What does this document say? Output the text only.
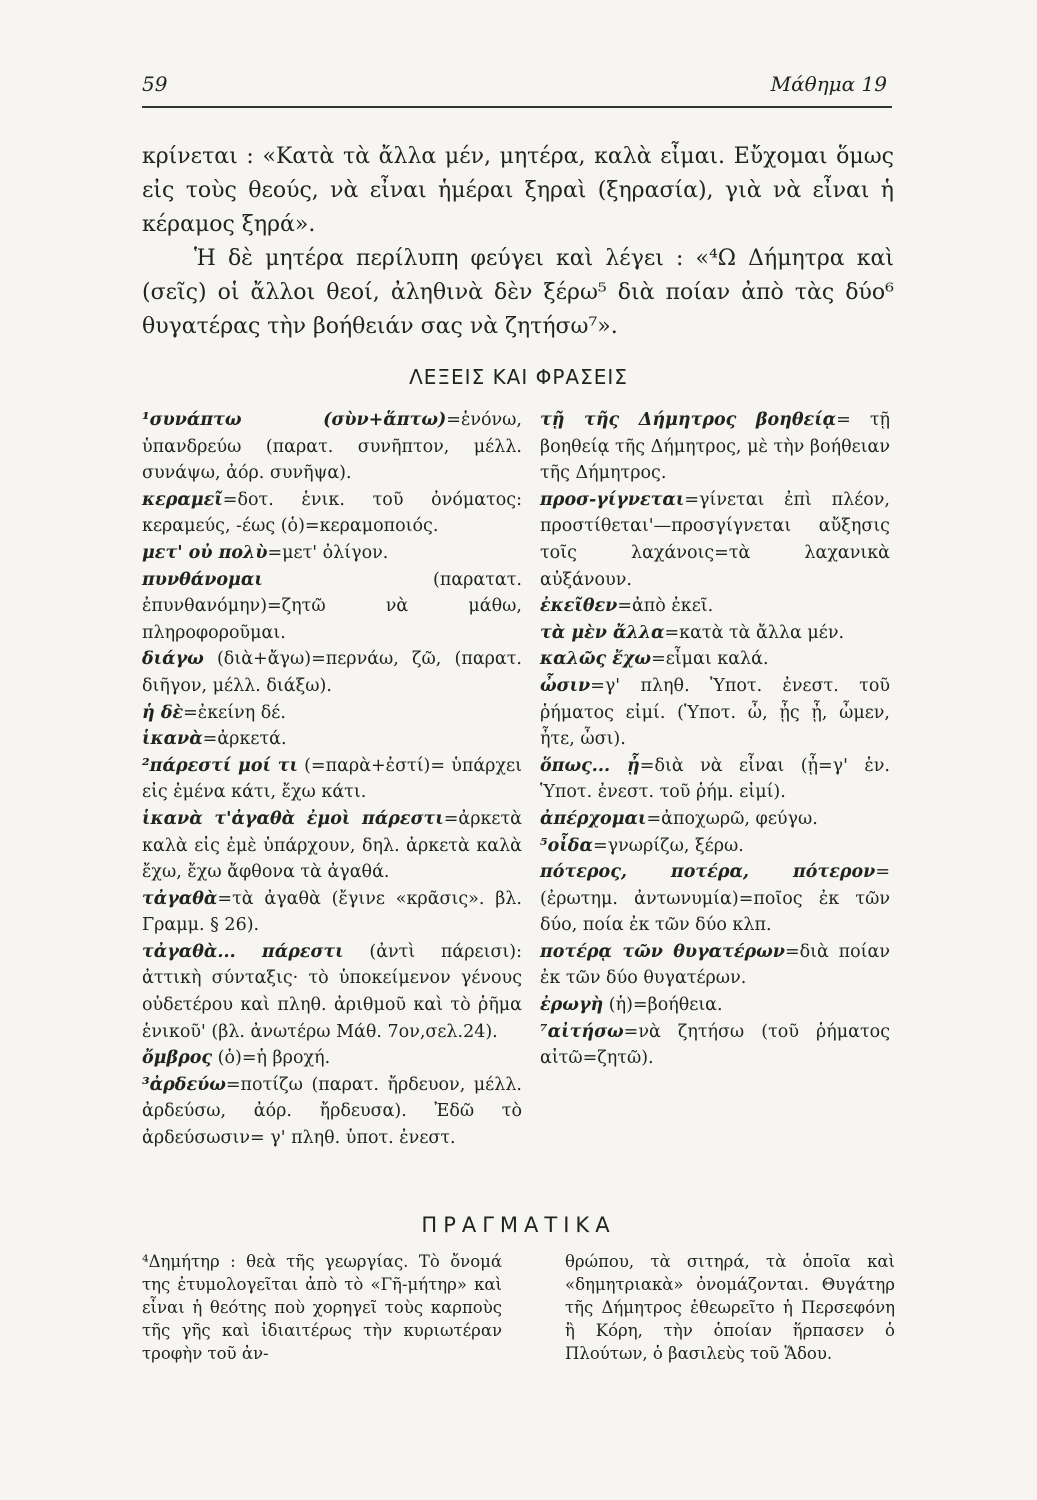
59	Μάθημα 19

κρίνεται : «Κατὰ τὰ ἄλλα μέν, μητέρα, καλὰ εἶμαι. Εὔχομαι ὅμως εἰς τοὺς θεούς, νὰ εἶναι ἡμέραι ξηραὶ (ξηρασία), γιὰ νὰ εἶναι ἡ κέραμος ξηρά».

Ἡ δὲ μητέρα περίλυπη φεύγει καὶ λέγει : «⁴Ω Δήμητρα καὶ (σεῖς) οἱ ἄλλοι θεοί, ἀληθινὰ δὲν ξέρω⁵ διὰ ποίαν ἀπὸ τὰς δύο⁶ θυγατέρας τὴν βοήθειάν σας νὰ ζητήσω⁷».

ΛΕΞΕΙΣ ΚΑΙ ΦΡΑΣΕΙΣ

¹συνάπτω (σὺν+ἅπτω)=ἑνόνω, ὑπανδρεύω (παρατ. συνῆπτον, μέλλ. συνάψω, ἀόρ. συνῆψα).

κεραμεῖ=δοτ. ἑνικ. τοῦ ὀνόματος: κεραμεύς, -έως (ὁ)=κεραμοποιός.

μετ' οὐ πολὺ=μετ' ὀλίγον.

πυνθάνομαι (παρατατ. ἐπυνθανόμην)=ζητῶ νὰ μάθω, πληροφοροῦμαι.

διάγω (διὰ+ἄγω)=περνάω, ζῶ, (παρατ. διῆγον, μέλλ. διάξω).

ἡ δὲ=ἐκείνη δέ.

ἱκανὰ=ἀρκετά.

²πάρεστί μοί τι (=παρὰ+ἐστί)= ὑπάρχει εἰς ἐμένα κάτι, ἔχω κάτι.

ἱκανὰ τ'ἀγαθὰ ἐμοὶ πάρεστι=ἀρκετὰ καλὰ εἰς ἐμὲ ὑπάρχουν, δηλ. ἀρκετὰ καλὰ ἔχω, ἔχω ἄφθονα τὰ ἀγαθά.

τἀγαθὰ=τὰ ἀγαθὰ (ἔγινε «κρᾶσις». βλ. Γραμμ. § 26).

τἀγαθὰ... πάρεστι (ἀντὶ πάρεισι): ἀττικὴ σύνταξις· τὸ ὑποκείμενον γένους οὐδετέρου καὶ πληθ. ἀριθμοῦ καὶ τὸ ῥῆμα ἑνικοῦ' (βλ. ἀνωτέρω Μάθ. 7ον,σελ.24).

ὄμβρος (ὁ)=ἡ βροχή.

³ἀρδεύω=ποτίζω (παρατ. ἤρδευον, μέλλ. ἀρδεύσω, ἀόρ. ἤρδευσα). Ἐδῶ τὸ ἀρδεύσωσιν= γ' πληθ. ὑποτ. ἐνεστ.

τῇ τῆς Δήμητρος βοηθείᾳ= τῇ βοηθείᾳ τῆς Δήμητρος, μὲ τὴν βοήθειαν τῆς Δήμητρος.

προσ-γίγνεται=γίνεται ἐπὶ πλέον, προστίθεται'—προσγίγνεται αὔξησις τοῖς λαχάνοις=τὰ λαχανικὰ αὐξάνουν.

ἐκεῖθεν=ἀπὸ ἐκεῖ.

τὰ μὲν ἄλλα=κατὰ τὰ ἄλλα μέν.

καλῶς ἔχω=εἶμαι καλά.

ὦσιν=γ' πληθ. Ὑποτ. ἐνεστ. τοῦ ῥήματος εἰμί. (Ὑποτ. ὦ, ᾖς ᾖ, ὦμεν, ἦτε, ὦσι).

ὅπως... ᾖ=διὰ νὰ εἶναι (ᾖ=γ' ἑν. Ὑποτ. ἐνεστ. τοῦ ῥήμ. εἰμί).

ἀπέρχομαι=ἀποχωρῶ, φεύγω.

⁵οἶδα=γνωρίζω, ξέρω.

πότερος, ποτέρα, πότερον=(ἐρωτημ. ἀντωνυμία)=ποῖος ἐκ τῶν δύο, ποία ἐκ τῶν δύο κλπ.

ποτέρᾳ τῶν θυγατέρων=διὰ ποίαν ἐκ τῶν δύο θυγατέρων.

ἐρωγὴ (ἡ)=βοήθεια.

⁷αἰτήσω=νὰ ζητήσω (τοῦ ῥήματος αἰτῶ=ζητῶ).

ΠΡΑΓΜΑΤΙΚΑ
⁴Δημήτηρ : θεὰ τῆς γεωργίας. Τὸ ὄνομά της ἐτυμολογεῖται ἀπὸ τὸ «Γῆ-μήτηρ» καὶ εἶναι ἡ θεότης ποὺ χορηγεῖ τοὺς καρποὺς τῆς γῆς καὶ ἰδιαιτέρως τὴν κυριωτέραν τροφὴν τοῦ ἀν-
θρώπου, τὰ σιτηρά, τὰ ὁποῖα καὶ «δημητριακὰ» ὀνομάζονται. Θυγάτηρ τῆς Δήμητρος ἐθεωρεῖτο ἡ Περσεφόνη ἢ Κόρη, τὴν ὁποίαν ἥρπασεν ὁ Πλούτων, ὁ βασιλεὺς τοῦ Ἅδου.
